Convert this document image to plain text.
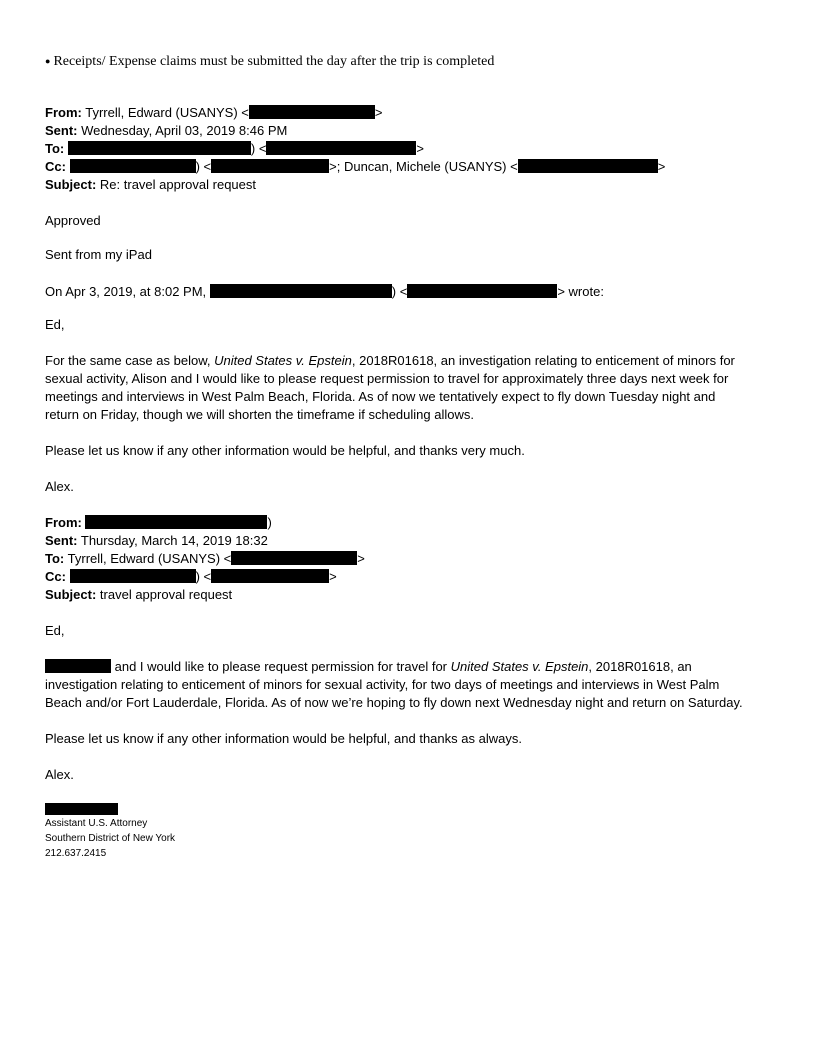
● Receipts/ Expense claims must be submitted the day after the trip is completed
From: Tyrrell, Edward (USANYS) <	>
Sent: Wednesday, April 03, 2019 8:46 PM
To:	) <	>
Cc:	) <	>; Duncan, Michele (USANYS) <	>
Subject: Re: travel approval request
Approved
Sent from my iPad
On Apr 3, 2019, at 8:02 PM,	) <	> wrote:
Ed,
For the same case as below, United States v. Epstein, 2018R01618, an investigation relating to enticement of minors for
sexual activity, Alison and I would like to please request permission to travel for approximately three days next week for
meetings and interviews in West Palm Beach, Florida. As of now we tentatively expect to fly down Tuesday night and
return on Friday, though we will shorten the timeframe if scheduling allows.
Please let us know if any other information would be helpful, and thanks very much.
Alex.
From:	)
Sent: Thursday, March 14, 2019 18:32
To: Tyrrell, Edward (USANYS) <	>
Cc:	) <	>
Subject: travel approval request
Ed,
and I would like to please request permission for travel for United States v. Epstein, 2018R01618, an
investigation relating to enticement of minors for sexual activity, for two days of meetings and interviews in West Palm
Beach and/or Fort Lauderdale, Florida. As of now we’re hoping to fly down next Wednesday night and return on Saturday.
Please let us know if any other information would be helpful, and thanks as always.
Alex.
Assistant U.S. Attorney
Southern District of New York
212.637.2415
